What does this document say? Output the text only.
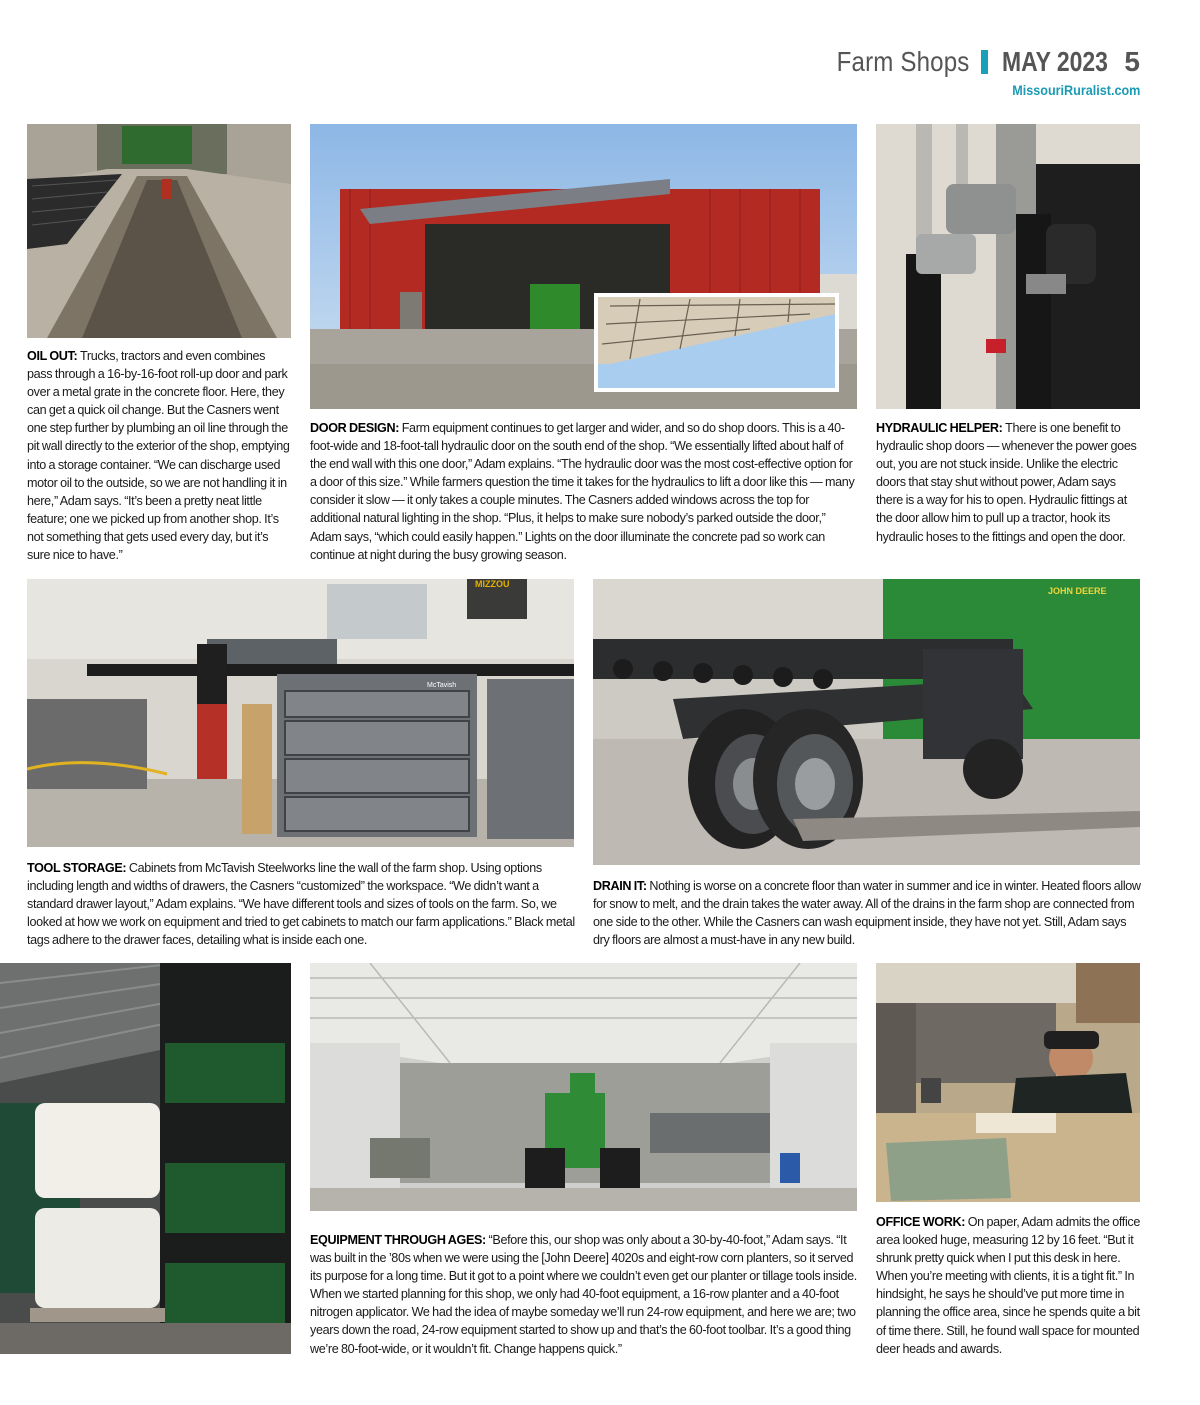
Farm Shops MAY 2023 5
MissouriRuralist.com
OIL OUT: Trucks, tractors and even combines pass through a 16-by-16-foot roll-up door and park over a metal grate in the concrete floor. Here, they can get a quick oil change. But the Casners went one step further by plumbing an oil line through the pit wall directly to the exterior of the shop, emptying into a storage container. “We can discharge used motor oil to the outside, so we are not handling it in here,” Adam says. “It’s been a pretty neat little feature; one we picked up from another shop. It’s not something that gets used every day, but it’s sure nice to have.”
DOOR DESIGN: Farm equipment continues to get larger and wider, and so do shop doors. This is a 40-foot-wide and 18-foot-tall hydraulic door on the south end of the shop. “We essentially lifted about half of the end wall with this one door,” Adam explains. “The hydraulic door was the most cost-effective option for a door of this size.” While farmers question the time it takes for the hydraulics to lift a door like this — many consider it slow — it only takes a couple minutes. The Casners added windows across the top for additional natural lighting in the shop. “Plus, it helps to make sure nobody’s parked outside the door,” Adam says, “which could easily happen.” Lights on the door illuminate the concrete pad so work can continue at night during the busy growing season.
HYDRAULIC HELPER: There is one benefit to hydraulic shop doors — whenever the power goes out, you are not stuck inside. Unlike the electric doors that stay shut without power, Adam says there is a way for his to open. Hydraulic fittings at the door allow him to pull up a tractor, hook its hydraulic hoses to the fittings and open the door.
MIZZOU
McTavish
JOHN DEERE
TOOL STORAGE: Cabinets from McTavish Steelworks line the wall of the farm shop. Using options including length and widths of drawers, the Casners “customized” the workspace. “We didn’t want a standard drawer layout,” Adam explains. “We have different tools and sizes of tools on the farm. So, we looked at how we work on equipment and tried to get cabinets to match our farm applications.” Black metal tags adhere to the drawer faces, detailing what is inside each one.
DRAIN IT: Nothing is worse on a concrete floor than water in summer and ice in winter. Heated floors allow for snow to melt, and the drain takes the water away. All of the drains in the farm shop are connected from one side to the other. While the Casners can wash equipment inside, they have not yet. Still, Adam says dry floors are almost a must-have in any new build.
EQUIPMENT THROUGH AGES: “Before this, our shop was only about a 30-by-40-foot,” Adam says. “It was built in the ’80s when we were using the [John Deere] 4020s and eight-row corn planters, so it served its purpose for a long time. But it got to a point where we couldn’t even get our planter or tillage tools inside. When we started planning for this shop, we only had 40-foot equipment, a 16-row planter and a 40-foot nitrogen applicator. We had the idea of maybe someday we’ll run 24-row equipment, and here we are; two years down the road, 24-row equipment started to show up and that’s the 60-foot toolbar. It’s a good thing we’re 80-foot-wide, or it wouldn’t fit. Change happens quick.”
OFFICE WORK: On paper, Adam admits the office area looked huge, measuring 12 by 16 feet. “But it shrunk pretty quick when I put this desk in here. When you’re meeting with clients, it is a tight fit.” In hindsight, he says he should’ve put more time in planning the office area, since he spends quite a bit of time there. Still, he found wall space for mounted deer heads and awards.
